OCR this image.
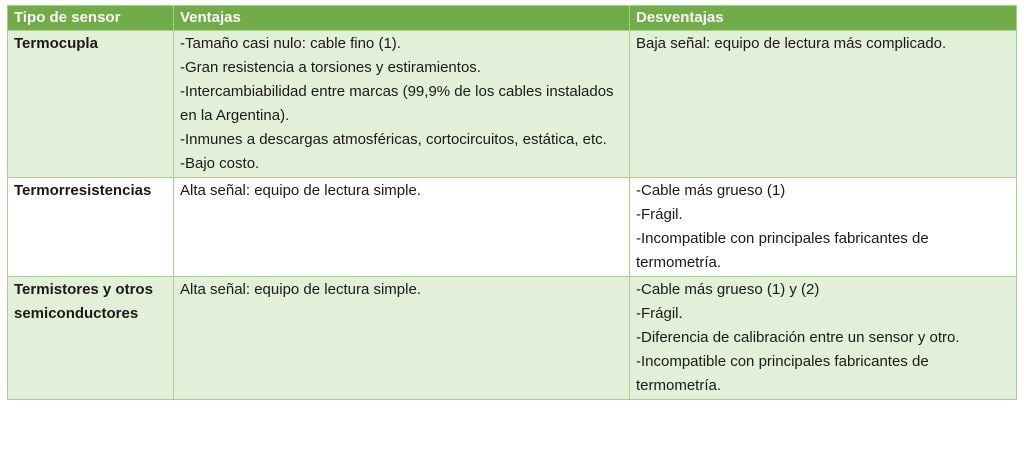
Tipo de sensor	Ventajas	Desventajas
Termocupla	-Tamaño casi nulo: cable fino (1).
-Gran resistencia a torsiones y estiramientos.
-Intercambiabilidad entre marcas (99,9% de los cables instalados en la Argentina).
-Inmunes a descargas atmosféricas, cortocircuitos, estática, etc.
-Bajo costo.	Baja señal: equipo de lectura más complicado.

Termorresistencias	Alta señal: equipo de lectura simple.	-Cable más grueso (1)
-Frágil.
-Incompatible con principales fabricantes de termometría.

Termistores y otros semiconductores	Alta señal: equipo de lectura simple.	-Cable más grueso (1) y (2)
-Frágil.
-Diferencia de calibración entre un sensor y otro.
-Incompatible con principales fabricantes de termometría.
